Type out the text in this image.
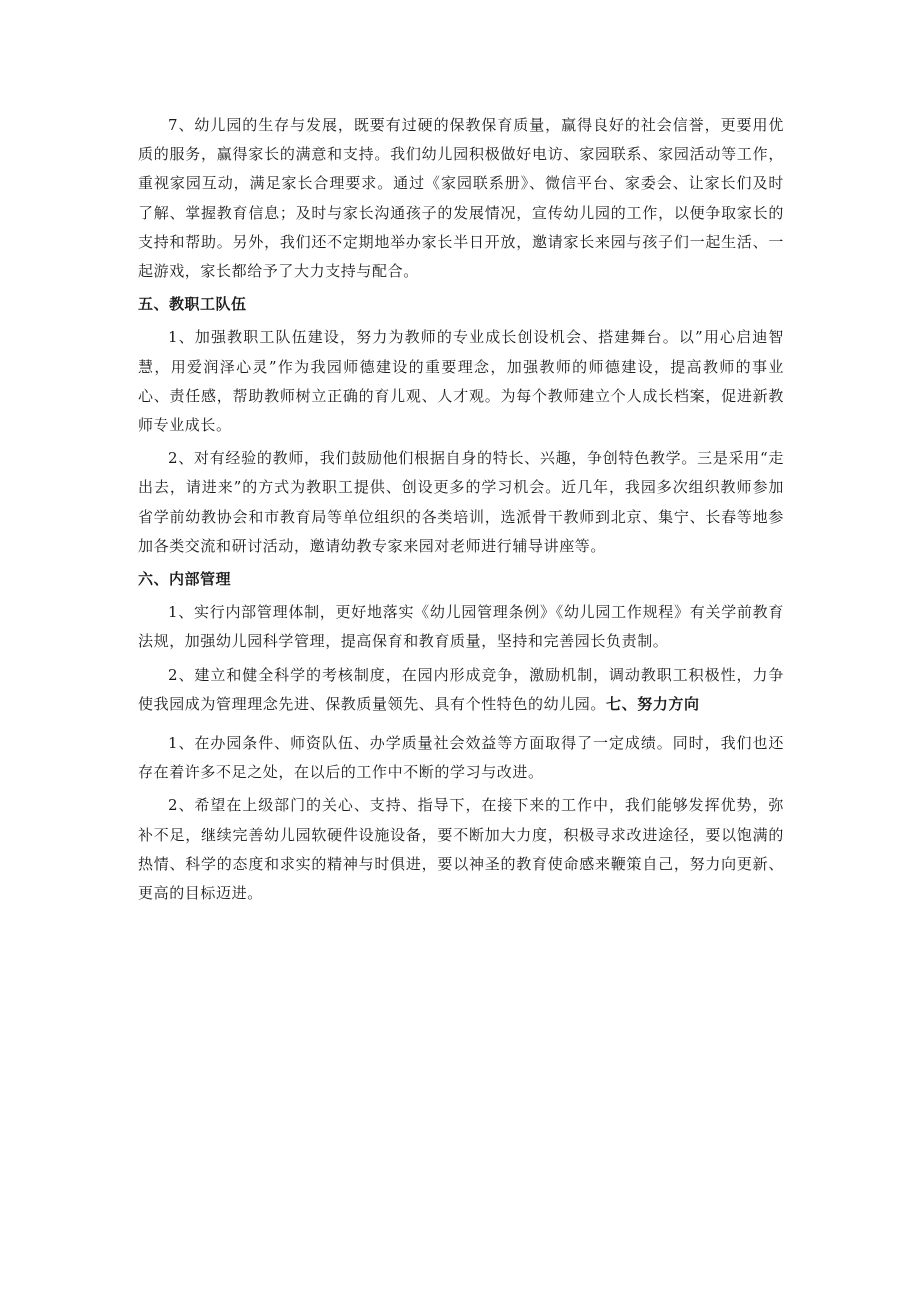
7、幼儿园的生存与发展，既要有过硬的保教保育质量，赢得良好的社会信誉，更要用优质的服务，赢得家长的满意和支持。我们幼儿园积极做好电访、家园联系、家园活动等工作，重视家园互动，满足家长合理要求。通过《家园联系册》、微信平台、家委会、让家长们及时了解、掌握教育信息；及时与家长沟通孩子的发展情况，宣传幼儿园的工作，以便争取家长的支持和帮助。另外，我们还不定期地举办家长半日开放，邀请家长来园与孩子们一起生活、一起游戏，家长都给予了大力支持与配合。

五、教职工队伍

1、加强教职工队伍建设，努力为教师的专业成长创设机会、搭建舞台。以”用心启迪智慧，用爱润泽心灵”作为我园师德建设的重要理念，加强教师的师德建设，提高教师的事业心、责任感，帮助教师树立正确的育儿观、人才观。为每个教师建立个人成长档案，促进新教师专业成长。

2、对有经验的教师，我们鼓励他们根据自身的特长、兴趣，争创特色教学。三是采用“走出去，请进来”的方式为教职工提供、创设更多的学习机会。近几年，我园多次组织教师参加省学前幼教协会和市教育局等单位组织的各类培训，选派骨干教师到北京、集宁、长春等地参加各类交流和研讨活动，邀请幼教专家来园对老师进行辅导讲座等。

六、内部管理

1、实行内部管理体制，更好地落实《幼儿园管理条例》《幼儿园工作规程》有关学前教育法规，加强幼儿园科学管理，提高保育和教育质量，坚持和完善园长负责制。

2、建立和健全科学的考核制度，在园内形成竞争，激励机制，调动教职工积极性，力争使我园成为管理理念先进、保教质量领先、具有个性特色的幼儿园。七、努力方向

1、在办园条件、师资队伍、办学质量社会效益等方面取得了一定成绩。同时，我们也还存在着许多不足之处，在以后的工作中不断的学习与改进。

2、希望在上级部门的关心、支持、指导下，在接下来的工作中，我们能够发挥优势，弥补不足，继续完善幼儿园软硬件设施设备，要不断加大力度，积极寻求改进途径，要以饱满的热情、科学的态度和求实的精神与时俱进，要以神圣的教育使命感来鞭策自己，努力向更新、更高的目标迈进。
